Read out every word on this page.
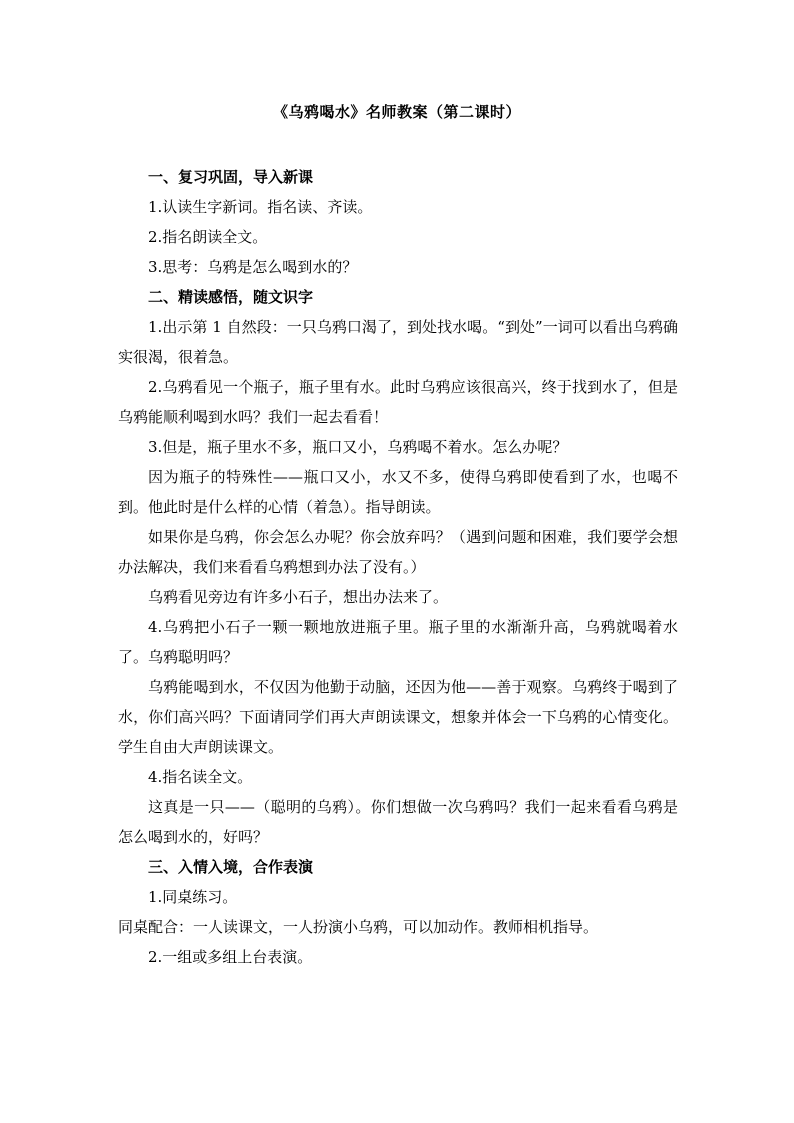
《乌鸦喝水》名师教案（第二课时）

一、复习巩固，导入新课

1.认读生字新词。指名读、齐读。

2.指名朗读全文。

3.思考：乌鸦是怎么喝到水的？

二、精读感悟，随文识字

1.出示第 1 自然段：一只乌鸦口渴了，到处找水喝。“到处”一词可以看出乌鸦确实很渴，很着急。

2.乌鸦看见一个瓶子，瓶子里有水。此时乌鸦应该很高兴，终于找到水了，但是乌鸦能顺利喝到水吗？我们一起去看看！

3.但是，瓶子里水不多，瓶口又小，乌鸦喝不着水。怎么办呢？

因为瓶子的特殊性——瓶口又小，水又不多，使得乌鸦即使看到了水，也喝不到。他此时是什么样的心情（着急）。指导朗读。

如果你是乌鸦，你会怎么办呢？你会放弃吗？（遇到问题和困难，我们要学会想办法解决，我们来看看乌鸦想到办法了没有。）

乌鸦看见旁边有许多小石子，想出办法来了。

4.乌鸦把小石子一颗一颗地放进瓶子里。瓶子里的水渐渐升高，乌鸦就喝着水了。乌鸦聪明吗？

乌鸦能喝到水，不仅因为他勤于动脑，还因为他——善于观察。乌鸦终于喝到了水，你们高兴吗？下面请同学们再大声朗读课文，想象并体会一下乌鸦的心情变化。学生自由大声朗读课文。

4.指名读全文。

这真是一只——（聪明的乌鸦）。你们想做一次乌鸦吗？我们一起来看看乌鸦是怎么喝到水的，好吗？

三、入情入境，合作表演

1.同桌练习。

同桌配合：一人读课文，一人扮演小乌鸦，可以加动作。教师相机指导。

2.一组或多组上台表演。
